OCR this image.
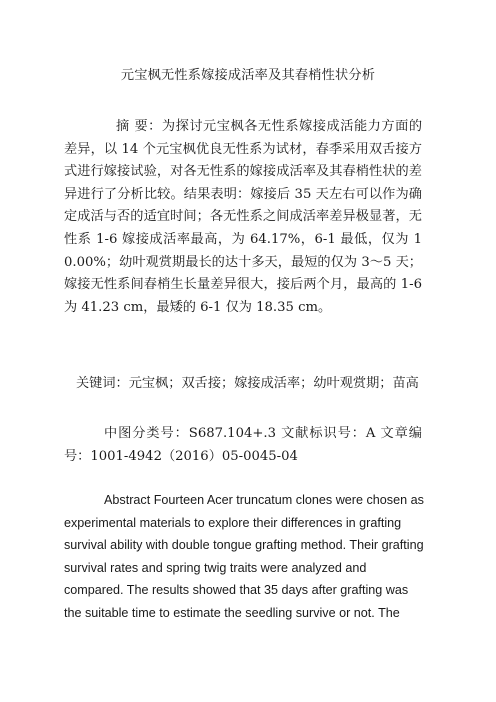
元宝枫无性系嫁接成活率及其春梢性状分析
摘 要：为探讨元宝枫各无性系嫁接成活能力方面的差异，以 14 个元宝枫优良无性系为试材，春季采用双舌接方式进行嫁接试验，对各无性系的嫁接成活率及其春梢性状的差异进行了分析比较。结果表明：嫁接后 35 天左右可以作为确定成活与否的适宜时间；各无性系之间成活率差异极显著，无性系 1-6 嫁接成活率最高，为 64.17%，6-1 最低，仅为 10.00%；幼叶观赏期最长的达十多天，最短的仅为 3～5 天；嫁接无性系间春梢生长量差异很大，接后两个月，最高的 1-6 为 41.23 cm，最矮的 6-1 仅为 18.35 cm。
关键词：元宝枫；双舌接；嫁接成活率；幼叶观赏期；苗高
中图分类号：S687.104+.3 文献标识号：A 文章编号：1001-4942（2016）05-0045-04
Abstract Fourteen Acer truncatum clones were chosen as experimental materials to explore their differences in grafting survival ability with double tongue grafting method. Their grafting survival rates and spring twig traits were analyzed and compared. The results showed that 35 days after grafting was the suitable time to estimate the seedling survive or not. The
